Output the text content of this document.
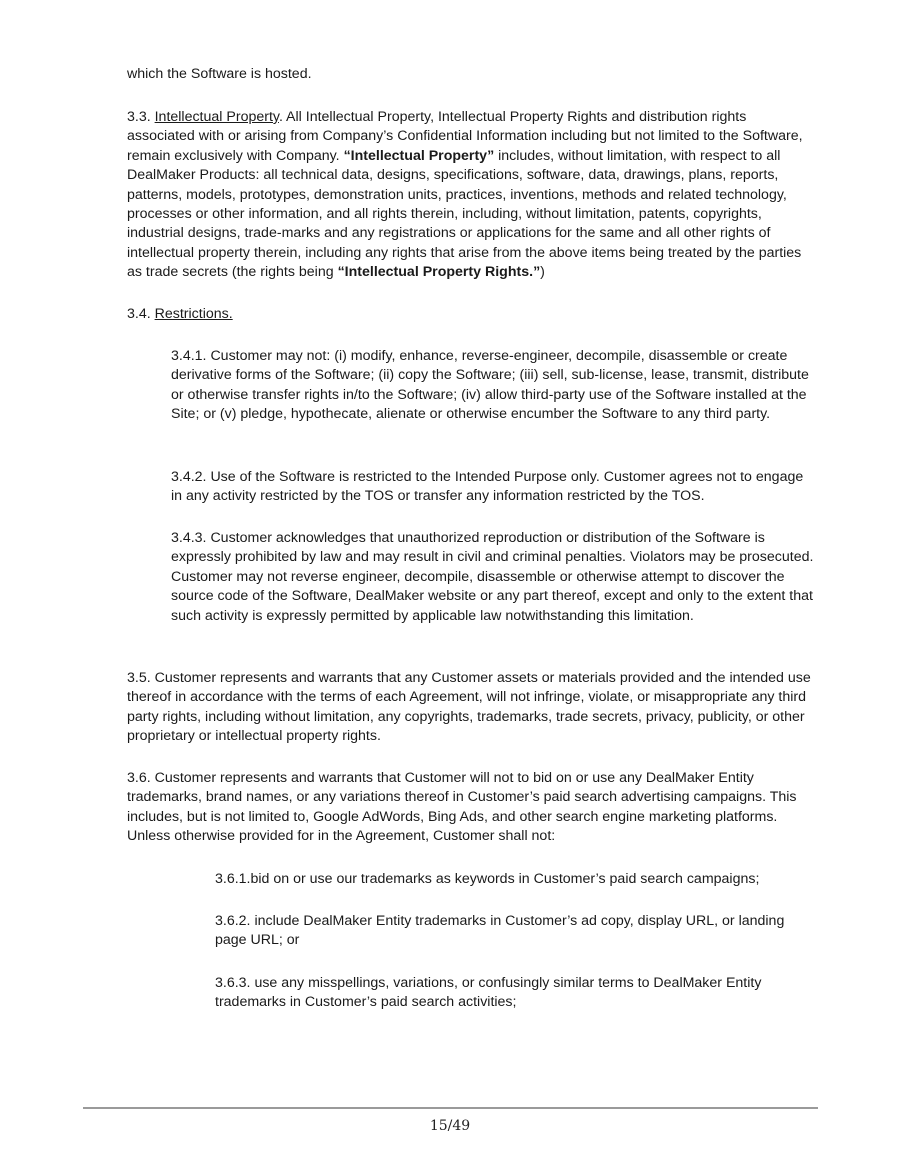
which the Software is hosted.

3.3. Intellectual Property. All Intellectual Property, Intellectual Property Rights and distribution rights associated with or arising from Company’s Confidential Information including but not limited to the Software, remain exclusively with Company. “Intellectual Property” includes, without limitation, with respect to all DealMaker Products: all technical data, designs, specifications, software, data, drawings, plans, reports, patterns, models, prototypes, demonstration units, practices, inventions, methods and related technology, processes or other information, and all rights therein, including, without limitation, patents, copyrights, industrial designs, trade-marks and any registrations or applications for the same and all other rights of intellectual property therein, including any rights that arise from the above items being treated by the parties as trade secrets (the rights being “Intellectual Property Rights.”)

3.4. Restrictions.

3.4.1. Customer may not: (i) modify, enhance, reverse-engineer, decompile, disassemble or create derivative forms of the Software; (ii) copy the Software; (iii) sell, sub-license, lease, transmit, distribute or otherwise transfer rights in/to the Software; (iv) allow third-party use of the Software installed at the Site; or (v) pledge, hypothecate, alienate or otherwise encumber the Software to any third party.

3.4.2. Use of the Software is restricted to the Intended Purpose only. Customer agrees not to engage in any activity restricted by the TOS or transfer any information restricted by the TOS.

3.4.3. Customer acknowledges that unauthorized reproduction or distribution of the Software is expressly prohibited by law and may result in civil and criminal penalties. Violators may be prosecuted. Customer may not reverse engineer, decompile, disassemble or otherwise attempt to discover the source code of the Software, DealMaker website or any part thereof, except and only to the extent that such activity is expressly permitted by applicable law notwithstanding this limitation.

3.5. Customer represents and warrants that any Customer assets or materials provided and the intended use thereof in accordance with the terms of each Agreement, will not infringe, violate, or misappropriate any third party rights, including without limitation, any copyrights, trademarks, trade secrets, privacy, publicity, or other proprietary or intellectual property rights.

3.6. Customer represents and warrants that Customer will not to bid on or use any DealMaker Entity trademarks, brand names, or any variations thereof in Customer’s paid search advertising campaigns. This includes, but is not limited to, Google AdWords, Bing Ads, and other search engine marketing platforms. Unless otherwise provided for in the Agreement, Customer shall not:

3.6.1.bid on or use our trademarks as keywords in Customer’s paid search campaigns;

3.6.2. include DealMaker Entity trademarks in Customer’s ad copy, display URL, or landing page URL; or

3.6.3. use any misspellings, variations, or confusingly similar terms to DealMaker Entity trademarks in Customer’s paid search activities;

15/49
